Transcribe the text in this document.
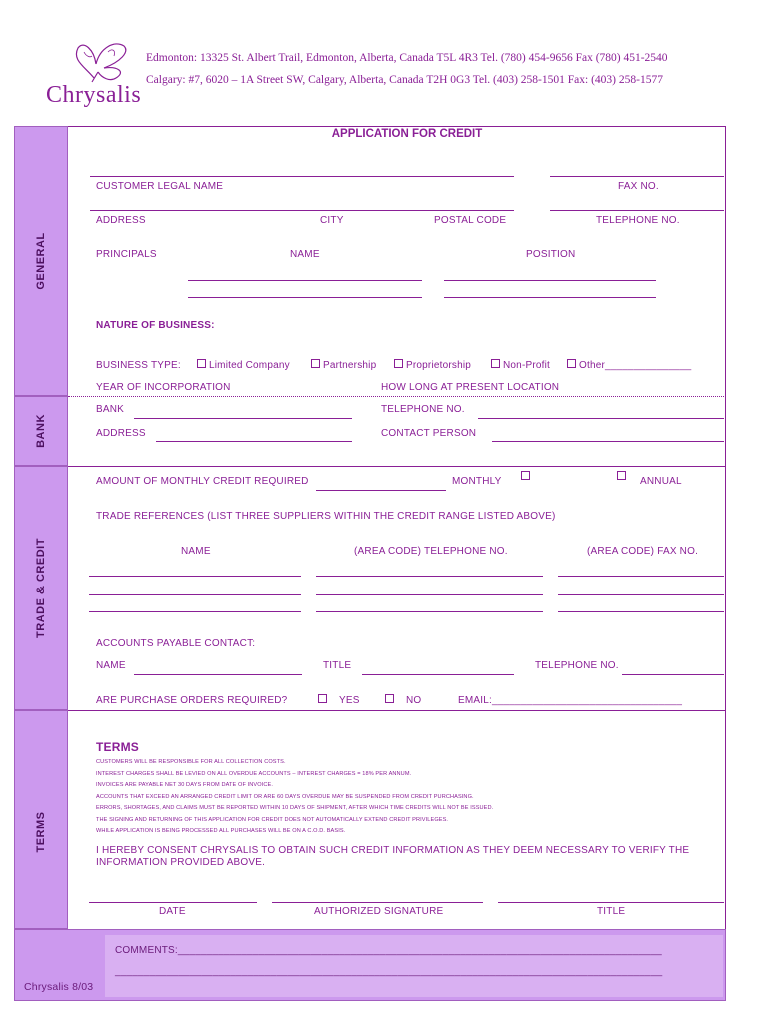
Chrysalis
Edmonton: 13325 St. Albert Trail, Edmonton, Alberta, Canada T5L 4R3 Tel. (780) 454-9656 Fax (780) 451-2540
Calgary: #7, 6020 – 1A Street SW, Calgary, Alberta, Canada T2H 0G3 Tel. (403) 258-1501 Fax: (403) 258-1577
GENERAL
BANK
TRADE & CREDIT
TERMS
APPLICATION FOR CREDIT
CUSTOMER LEGAL NAME	FAX NO.
ADDRESS	CITY	POSTAL CODE	TELEPHONE NO.
PRINCIPALS	NAME	POSITION
NATURE OF BUSINESS:
BUSINESS TYPE:	Limited Company	Partnership	Proprietorship	Non-Profit	Other_______________
YEAR OF INCORPORATION	HOW LONG AT PRESENT LOCATION
BANK	TELEPHONE NO.
ADDRESS	CONTACT PERSON
AMOUNT OF MONTHLY CREDIT REQUIRED	MONTHLY	ANNUAL
TRADE REFERENCES (LIST THREE SUPPLIERS WITHIN THE CREDIT RANGE LISTED ABOVE)
NAME	(AREA CODE) TELEPHONE NO.	(AREA CODE) FAX NO.
ACCOUNTS PAYABLE CONTACT:
NAME	TITLE	TELEPHONE NO.
ARE PURCHASE ORDERS REQUIRED?	YES	NO	EMAIL:_________________________________
TERMS
CUSTOMERS WILL BE RESPONSIBLE FOR ALL COLLECTION COSTS.
INTEREST CHARGES SHALL BE LEVIED ON ALL OVERDUE ACCOUNTS – INTEREST CHARGES = 18% PER ANNUM.
INVOICES ARE PAYABLE NET 30 DAYS FROM DATE OF INVOICE.
ACCOUNTS THAT EXCEED AN ARRANGED CREDIT LIMIT OR ARE 60 DAYS OVERDUE MAY BE SUSPENDED FROM CREDIT PURCHASING.
ERRORS, SHORTAGES, AND CLAIMS MUST BE REPORTED WITHIN 10 DAYS OF SHIPMENT, AFTER WHICH TIME CREDITS WILL NOT BE ISSUED.
THE SIGNING AND RETURNING OF THIS APPLICATION FOR CREDIT DOES NOT AUTOMATICALLY EXTEND CREDIT PRIVILEGES.
WHILE APPLICATION IS BEING PROCESSED ALL PURCHASES WILL BE ON A C.O.D. BASIS.
I HEREBY CONSENT CHRYSALIS TO OBTAIN SUCH CREDIT INFORMATION AS THEY DEEM NECESSARY TO VERIFY THE
INFORMATION PROVIDED ABOVE.
DATE	AUTHORIZED SIGNATURE	TITLE
COMMENTS:____________________________________________________________________________________
_______________________________________________________________________________________________
Chrysalis 8/03
